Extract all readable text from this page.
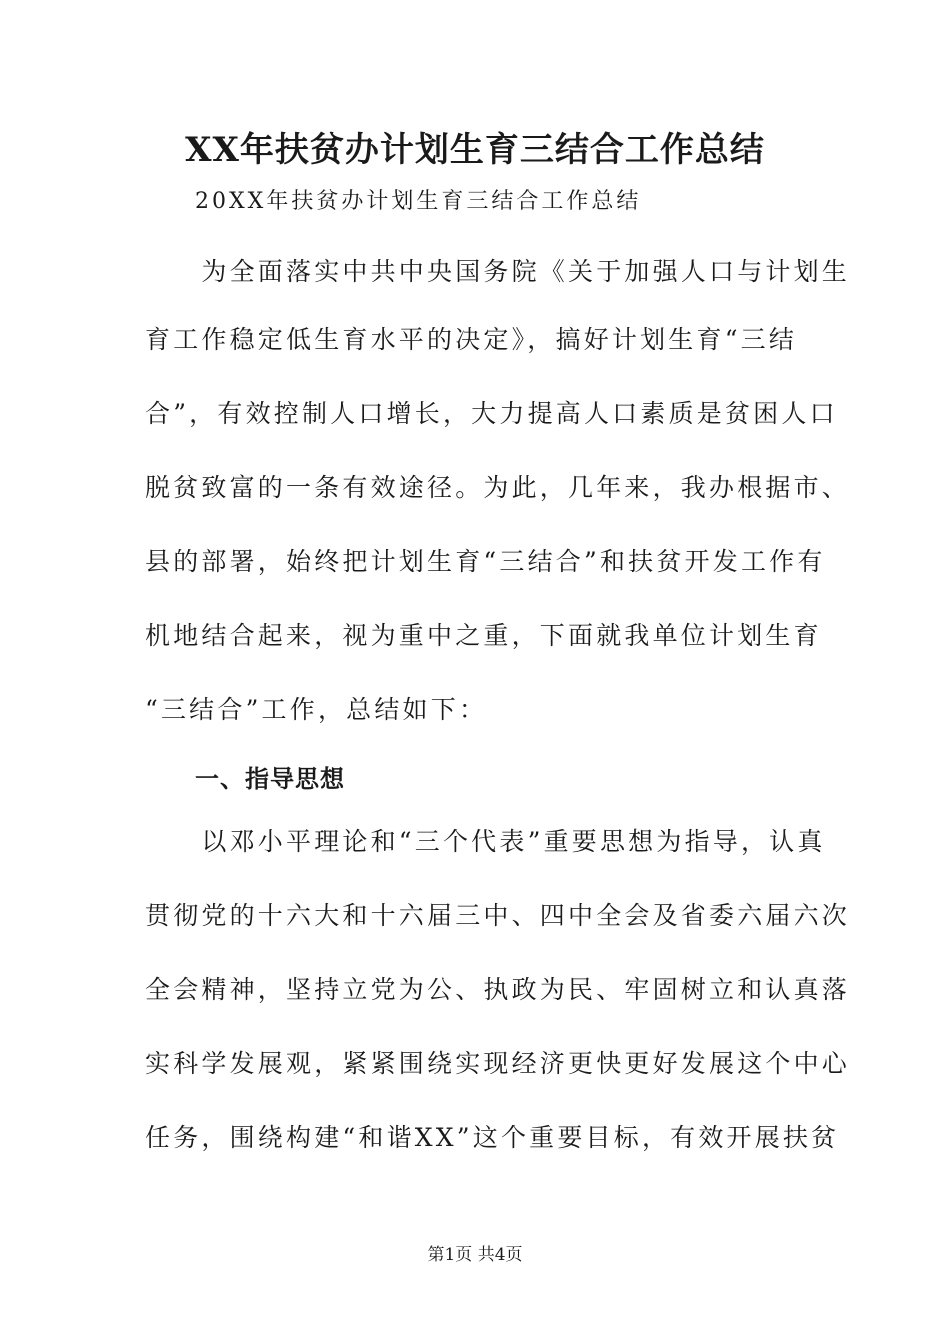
XX年扶贫办计划生育三结合工作总结

20XX年扶贫办计划生育三结合工作总结

　　为全面落实中共中央国务院《关于加强人口与计划生

育工作稳定低生育水平的决定》，搞好计划生育“三结

合”，有效控制人口增长，大力提高人口素质是贫困人口

脱贫致富的一条有效途径。为此，几年来，我办根据市、

县的部署，始终把计划生育“三结合”和扶贫开发工作有

机地结合起来，视为重中之重，下面就我单位计划生育

“三结合”工作，总结如下：

一、指导思想

　　以邓小平理论和“三个代表”重要思想为指导，认真

贯彻党的十六大和十六届三中、四中全会及省委六届六次

全会精神，坚持立党为公、执政为民、牢固树立和认真落

实科学发展观，紧紧围绕实现经济更快更好发展这个中心

任务，围绕构建“和谐XX”这个重要目标，有效开展扶贫

第1页 共4页
